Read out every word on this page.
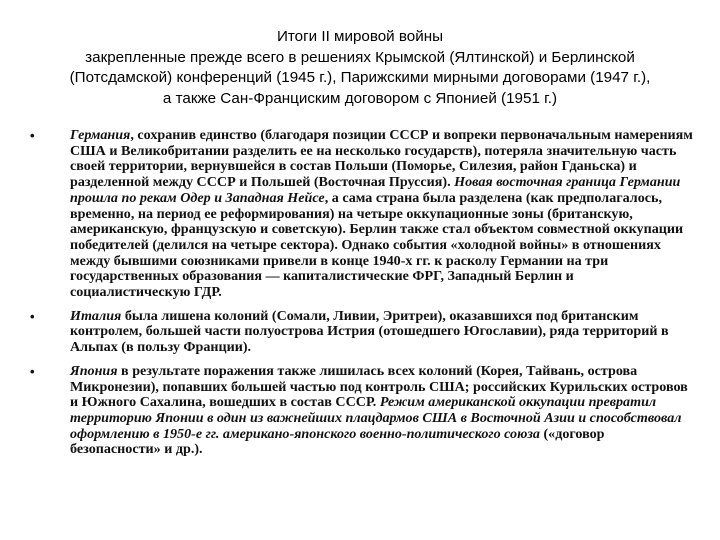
Итоги II мировой войны
закрепленные прежде всего в решениях Крымской (Ялтинской) и Берлинской
(Потсдамской) конференций (1945 г.), Парижскими мирными договорами (1947 г.),
а также Сан-Франциским договором с Японией (1951 г.)
•	Германия, сохранив единство (благодаря позиции СССР и вопреки первоначальным намерениям США и Великобритании разделить ее на несколько государств), потеряла значительную часть своей территории, вернувшейся в состав Польши (Поморье, Силезия, район Гданьска) и разделенной между СССР и Польшей (Восточная Пруссия). Новая восточная граница Германии прошла по рекам Одер и Западная Нейсе, а сама страна была разделена (как предполагалось, временно, на период ее реформирования) на четыре оккупационные зоны (британскую, американскую, французскую и советскую). Берлин также стал объектом совместной оккупации победителей (делился на четыре сектора). Однако события «холодной войны» в отношениях между бывшими союзниками привели в конце 1940-х гг. к расколу Германии на три государственных образования — капиталистические ФРГ, Западный Берлин и социалистическую ГДР.
•	Италия была лишена колоний (Сомали, Ливии, Эритреи), оказавшихся под британским контролем, большей части полуострова Истрия (отошедшего Югославии), ряда территорий в Альпах (в пользу Франции).
•	Япония в результате поражения также лишилась всех колоний (Корея, Тайвань, острова Микронезии), попавших большей частью под контроль США; российских Курильских островов и Южного Сахалина, вошедших в состав СССР. Режим американской оккупации превратил территорию Японии в один из важнейших плацдармов США в Восточной Азии и способствовал оформлению в 1950-е гг. американо-японского военно-политического союза («договор безопасности» и др.).
